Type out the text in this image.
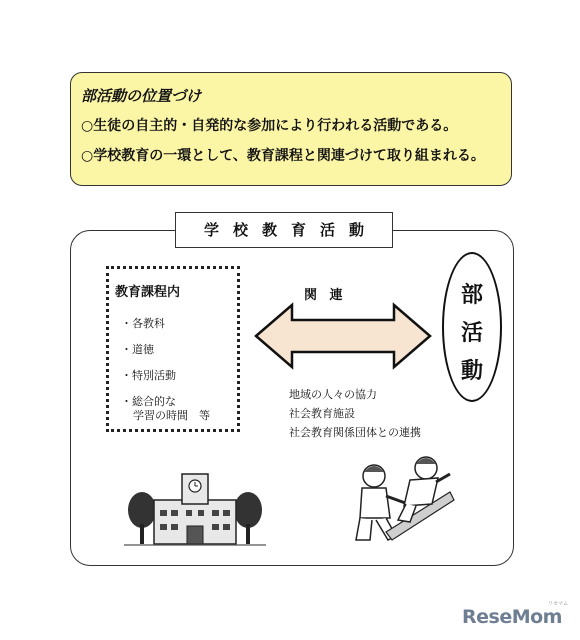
部活動の位置づけ
○生徒の自主的・自発的な参加により行われる活動である。
○学校教育の一環として、教育課程と関連づけて取り組まれる。
学校教育活動
教育課程内
・各教科
・道徳
・特別活動
・総合的な
学習の時間　等
関 連	部
活
動
地域の人々の協力
社会教育施設
社会教育関係団体との連携
ReseMom
リセマム
